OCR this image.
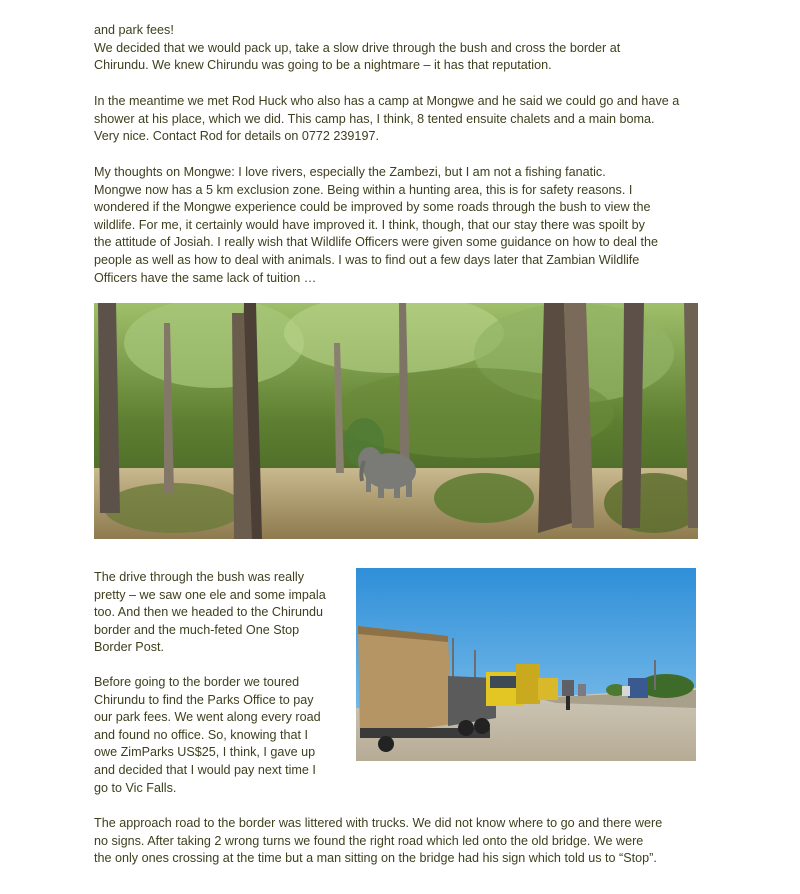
and park fees!
We decided that we would pack up, take a slow drive through the bush and cross the border at
Chirundu. We knew Chirundu was going to be a nightmare – it has that reputation.

In the meantime we met Rod Huck who also has a camp at Mongwe and he said we could go and have a
shower at his place, which we did. This camp has, I think, 8 tented ensuite chalets and a main boma.
Very nice. Contact Rod for details on 0772 239197.

My thoughts on Mongwe: I love rivers, especially the Zambezi, but I am not a fishing fanatic.
Mongwe now has a 5 km exclusion zone. Being within a hunting area, this is for safety reasons. I
wondered if the Mongwe experience could be improved by some roads through the bush to view the
wildlife. For me, it certainly would have improved it. I think, though, that our stay there was spoilt by
the attitude of Josiah. I really wish that Wildlife Officers were given some guidance on how to deal the
people as well as how to deal with animals. I was to find out a few days later that Zambian Wildlife
Officers have the same lack of tuition …

The drive through the bush was really
pretty – we saw one ele and some impala
too. And then we headed to the Chirundu
border and the much-feted One Stop
Border Post.

Before going to the border we toured
Chirundu to find the Parks Office to pay
our park fees. We went along every road
and found no office. So, knowing that I
owe ZimParks US$25, I think, I gave up
and decided that I would pay next time I
go to Vic Falls.

The approach road to the border was littered with trucks. We did not know where to go and there were
no signs. After taking 2 wrong turns we found the right road which led onto the old bridge. We were
the only ones crossing at the time but a man sitting on the bridge had his sign which told us to “Stop”.
